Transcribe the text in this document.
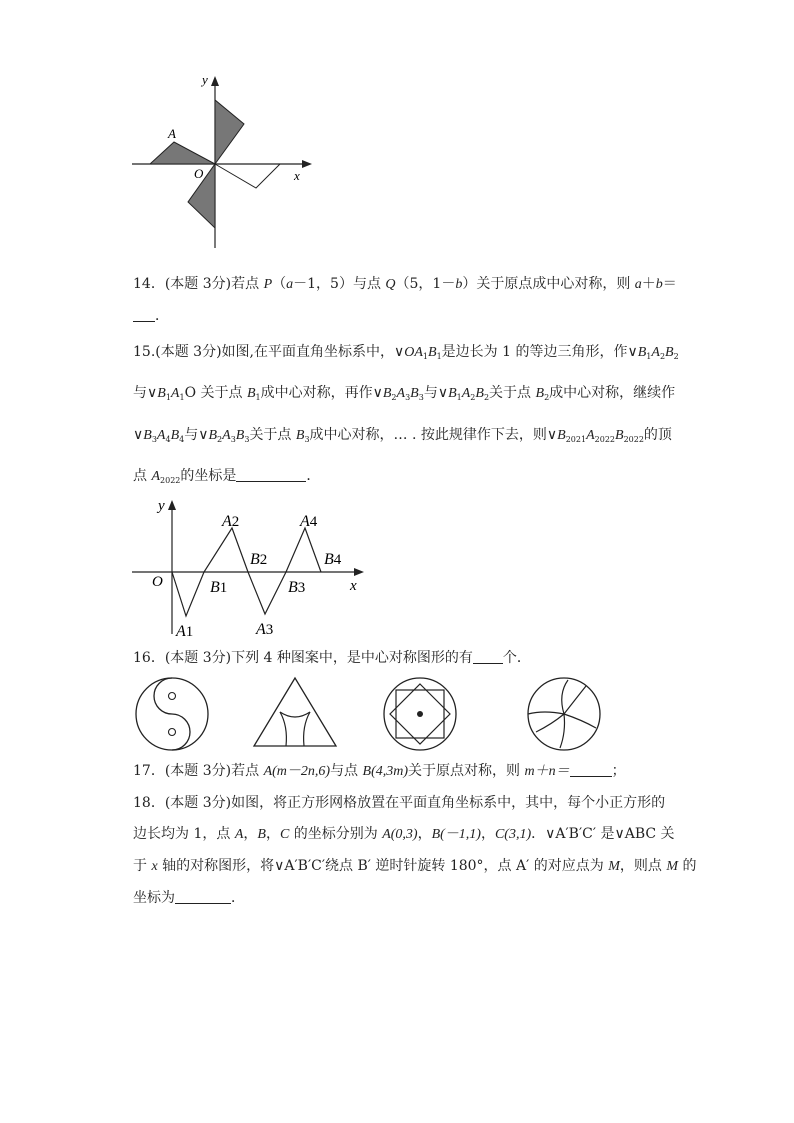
y
x
O
A
14．(本题 3分)若点 P（a－1，5）与点 Q（5，1－b）关于原点成中心对称，则 a＋b＝
．
15.(本题 3分)如图,在平面直角坐标系中，$\vee OA_1B_1$是边长为 1 的等边三角形，作$\vee B_1A_2B_2$
与$\vee B_1A_1O$ 关于点 $B_1$成中心对称，再作$\vee B_2A_3B_3$与$\vee B_1A_2B_2$关于点 $B_2$成中心对称，继续作
$\vee B_3A_4B_4$与$\vee B_2A_3B_3$关于点 $B_3$成中心对称，… . 按此规律作下去，则$\vee B_{2021}A_{2022}B_{2022}$的顶
点 $A_{2022}$的坐标是	．
y
x
O
A2	A4
B2	B4
B1	B3
A1	A3
16．(本题 3分)下列 4 种图案中，是中心对称图形的有 个．
17．(本题 3分)若点 A(m－2n,6)与点 B(4,3m)关于原点对称，则 m＋n＝	；
18．(本题 3分)如图，将正方形网格放置在平面直角坐标系中，其中，每个小正方形的
边长均为 1，点 A，B，C 的坐标分别为 A(0,3)，B(－1,1)，C(3,1)．∨A′B′C′ 是∨ABC 关
于 x 轴的对称图形，将∨A′B′C′绕点 B′ 逆时针旋转 180°，点 A′ 的对应点为 M，则点 M 的
坐标为	．
